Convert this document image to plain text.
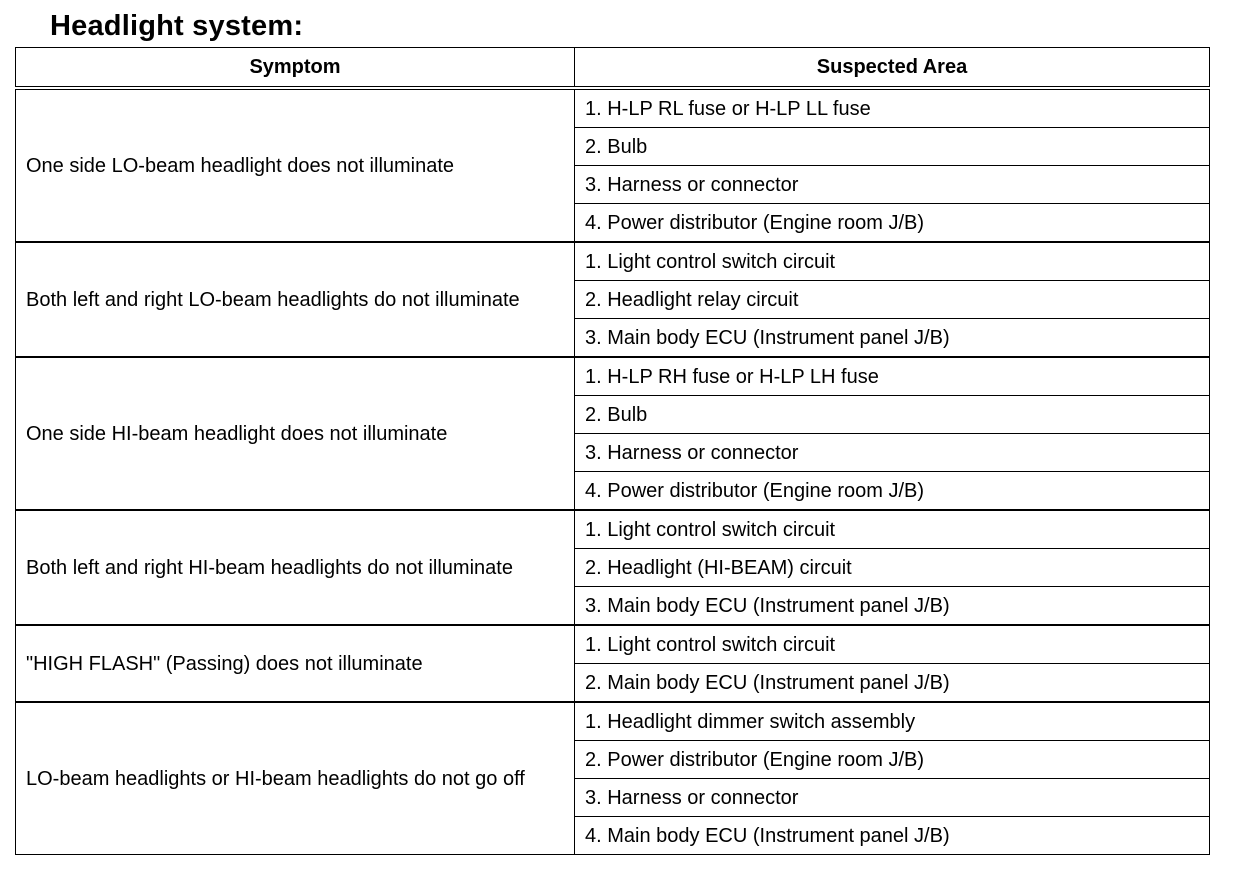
Headlight system:
Symptom	Suspected Area
One side LO-beam headlight does not illuminate	1. H-LP RL fuse or H-LP LL fuse
	2. Bulb
	3. Harness or connector
	4. Power distributor (Engine room J/B)
Both left and right LO-beam headlights do not illuminate	1. Light control switch circuit
	2. Headlight relay circuit
	3. Main body ECU (Instrument panel J/B)
One side HI-beam headlight does not illuminate	1. H-LP RH fuse or H-LP LH fuse
	2. Bulb
	3. Harness or connector
	4. Power distributor (Engine room J/B)
Both left and right HI-beam headlights do not illuminate	1. Light control switch circuit
	2. Headlight (HI-BEAM) circuit
	3. Main body ECU (Instrument panel J/B)
"HIGH FLASH" (Passing) does not illuminate	1. Light control switch circuit
	2. Main body ECU (Instrument panel J/B)
LO-beam headlights or HI-beam headlights do not go off	1. Headlight dimmer switch assembly
	2. Power distributor (Engine room J/B)
	3. Harness or connector
	4. Main body ECU (Instrument panel J/B)
